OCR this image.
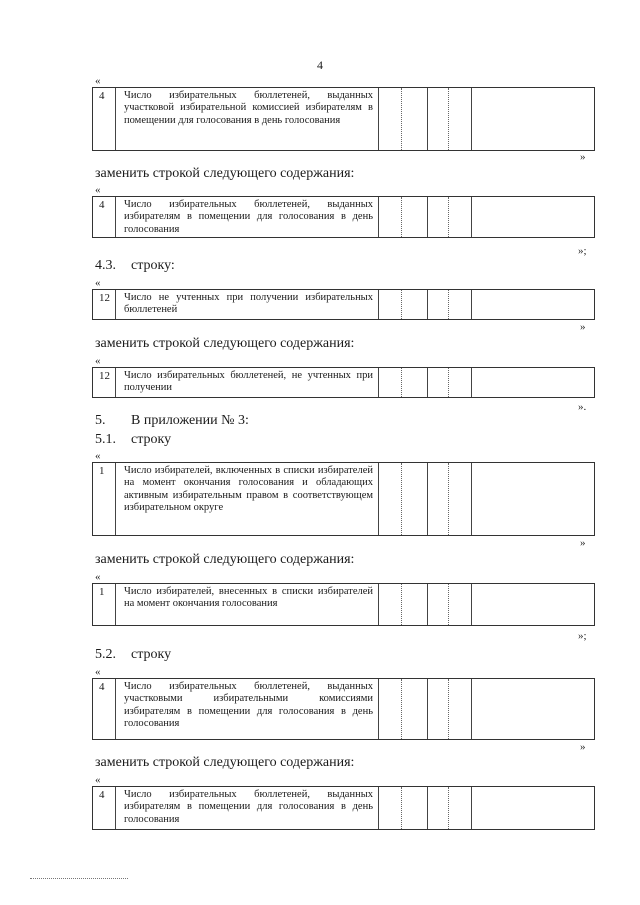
4
«
4 Число избирательных бюллетеней, выданных участковой избирательной комиссией избирателям в помещении для голосования в день голосования
»
заменить строкой следующего содержания:
«
4 Число избирательных бюллетеней, выданных избирателям в помещении для голосования в день голосования
»;
4.3. строку:
«
12 Число не учтенных при получении избирательных бюллетеней
»
заменить строкой следующего содержания:
«
12 Число избирательных бюллетеней, не учтенных при получении
».
5. В приложении № 3:
5.1. строку
«
1 Число избирателей, включенных в списки избирателей на момент окончания голосования и обладающих активным избирательным правом в соответствующем избирательном округе
»
заменить строкой следующего содержания:
«
1 Число избирателей, внесенных в списки избирателей на момент окончания голосования
»;
5.2. строку
«
4 Число избирательных бюллетеней, выданных участковыми избирательными комиссиями избирателям в помещении для голосования в день голосования
»
заменить строкой следующего содержания:
«
4 Число избирательных бюллетеней, выданных избирателям в помещении для голосования в день голосования
